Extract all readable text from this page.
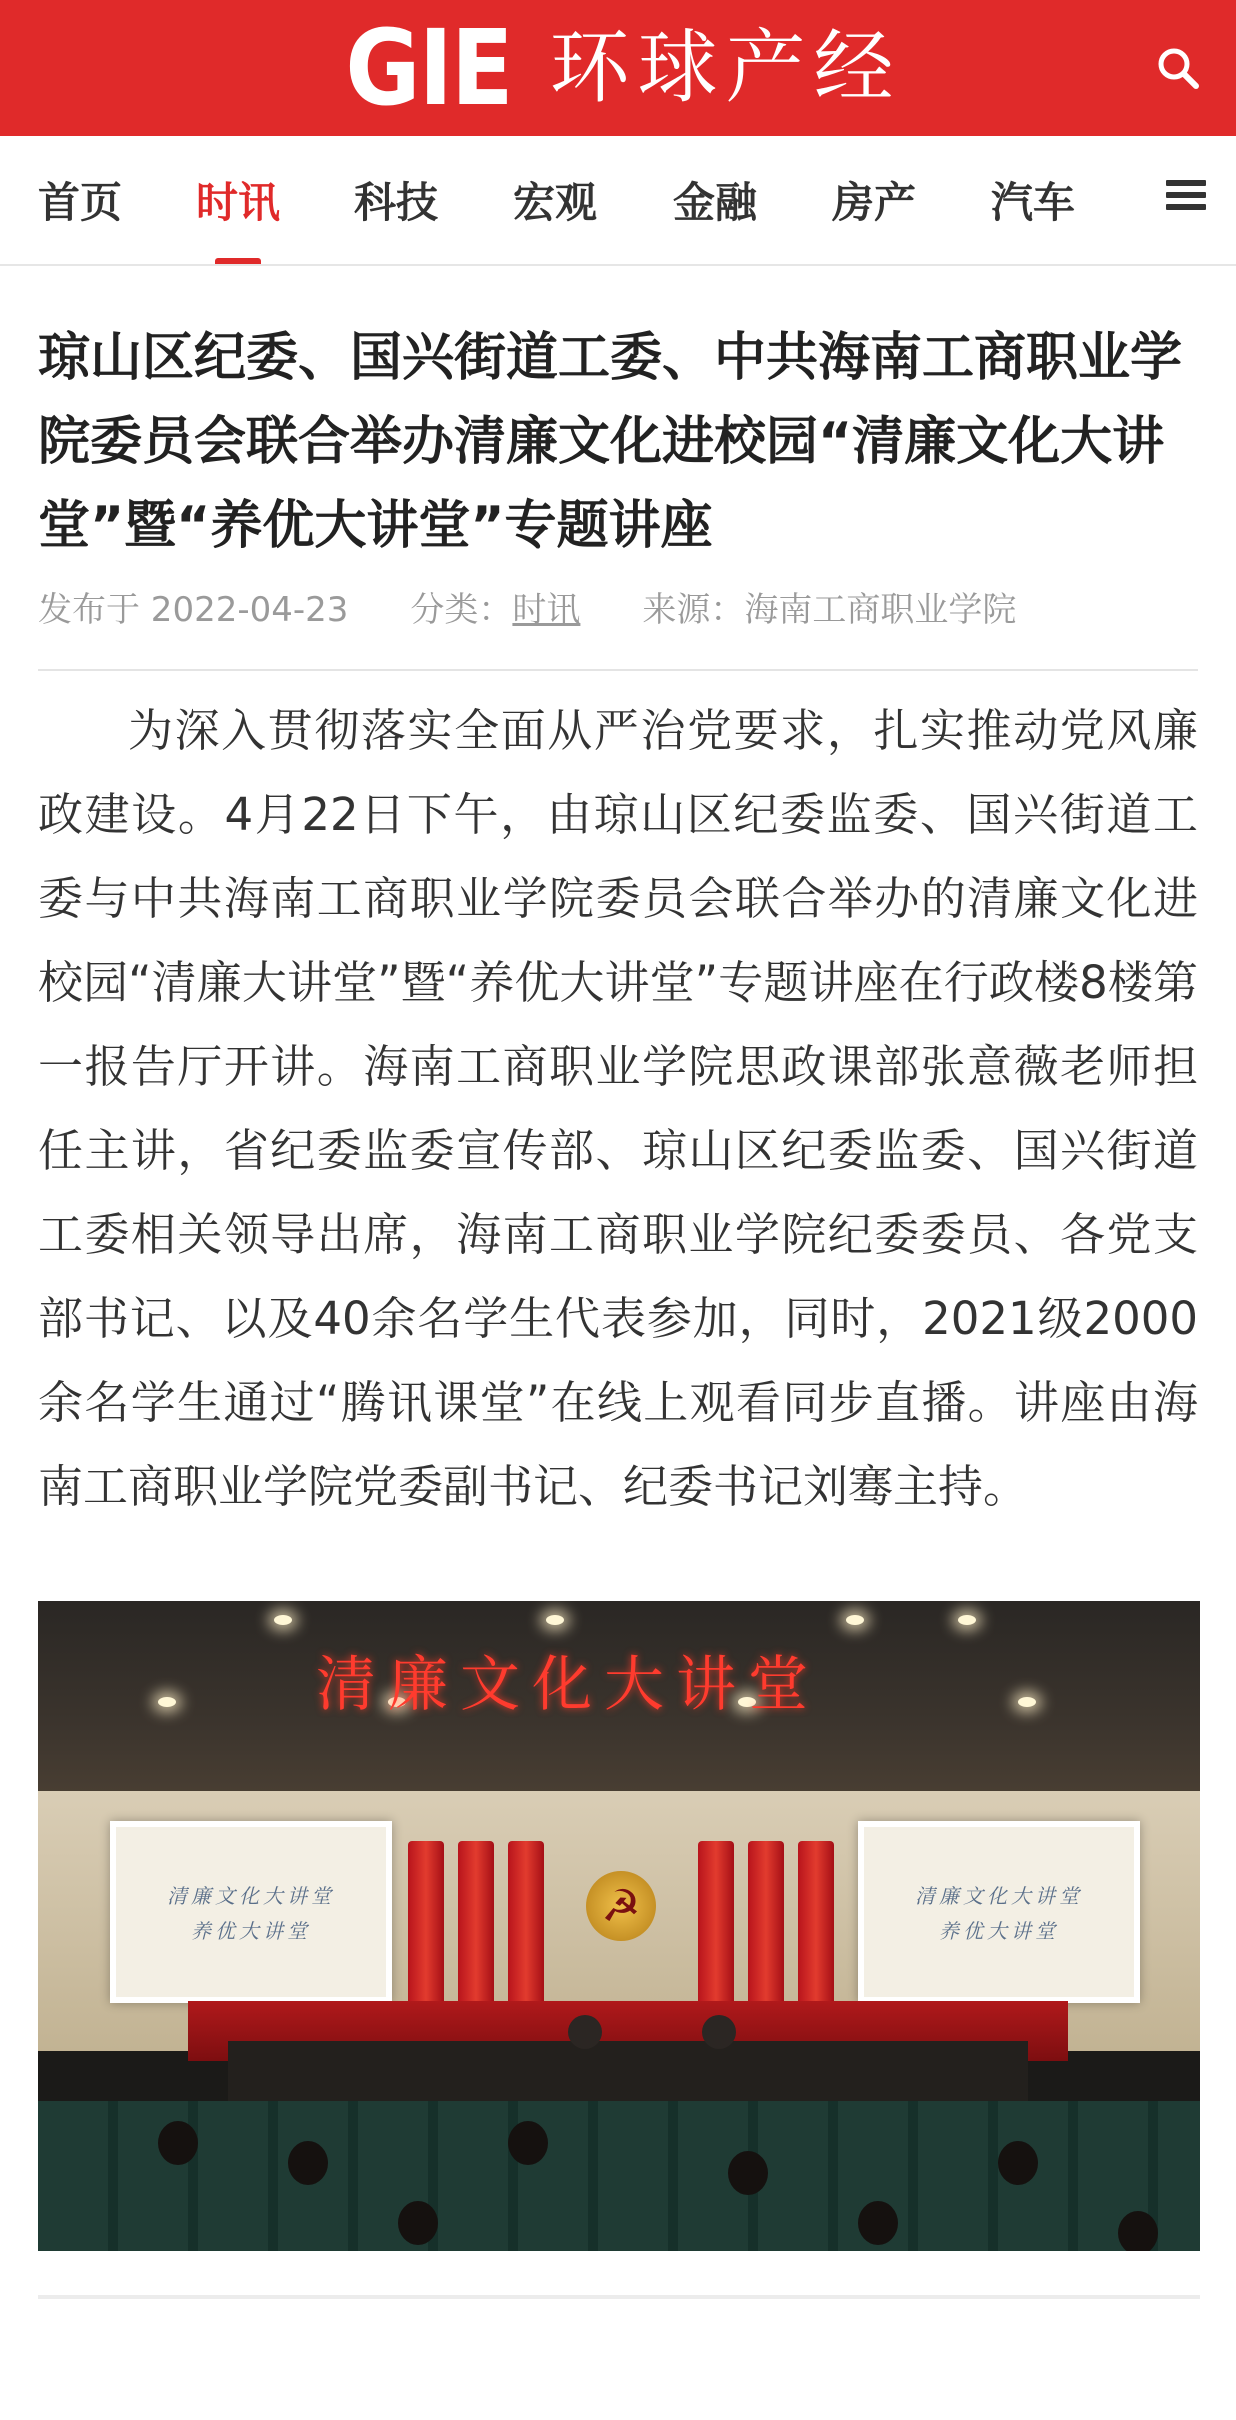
GIE 环球产经
首页 时讯 科技 宏观 金融 房产 汽车
琼山区纪委、国兴街道工委、中共海南工商职业学院委员会联合举办清廉文化进校园“清廉文化大讲堂”暨“养优大讲堂”专题讲座
发布于 2022-04-23 分类：时讯 来源：海南工商职业学院

为深入贯彻落实全面从严治党要求，扎实推动党风廉政建设。4月22日下午，由琼山区纪委监委、国兴街道工委与中共海南工商职业学院委员会联合举办的清廉文化进校园“清廉大讲堂”暨“养优大讲堂”专题讲座在行政楼8楼第一报告厅开讲。海南工商职业学院思政课部张意薇老师担任主讲，省纪委监委宣传部、琼山区纪委监委、国兴街道工委相关领导出席，海南工商职业学院纪委委员、各党支部书记、以及40余名学生代表参加，同时，2021级2000余名学生通过“腾讯课堂”在线上观看同步直播。讲座由海南工商职业学院党委副书记、纪委书记刘骞主持。

清廉文化大讲堂
清廉文化大讲堂
养优大讲堂
清廉文化大讲堂
养优大讲堂
☭
